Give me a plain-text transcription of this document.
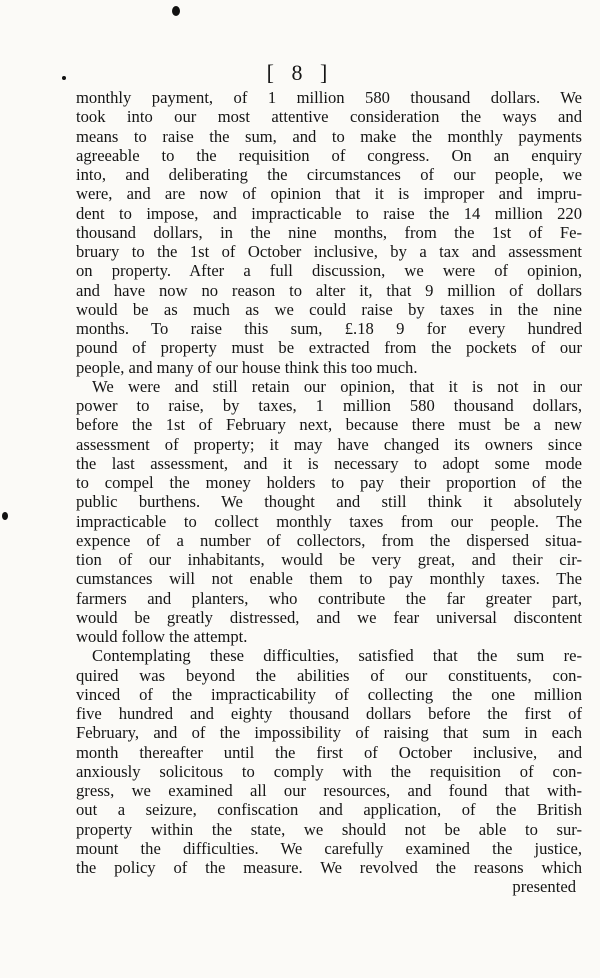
[ 8 ]
monthly payment, of 1 million 580 thousand dollars. We
took into our most attentive consideration the ways and
means to raise the sum, and to make the monthly payments
agreeable to the requisition of congress. On an enquiry
into, and deliberating the circumstances of our people, we
were, and are now of opinion that it is improper and impru-
dent to impose, and impracticable to raise the 14 million 220
thousand dollars, in the nine months, from the 1st of Fe-
bruary to the 1st of October inclusive, by a tax and assessment
on property. After a full discussion, we were of opinion,
and have now no reason to alter it, that 9 million of dollars
would be as much as we could raise by taxes in the nine
months. To raise this sum, £.18 9 for every hundred
pound of property must be extracted from the pockets of our
people, and many of our house think this too much.
We were and still retain our opinion, that it is not in our
power to raise, by taxes, 1 million 580 thousand dollars,
before the 1st of February next, because there must be a new
assessment of property; it may have changed its owners since
the last assessment, and it is necessary to adopt some mode
to compel the money holders to pay their proportion of the
public burthens. We thought and still think it absolutely
impracticable to collect monthly taxes from our people. The
expence of a number of collectors, from the dispersed situa-
tion of our inhabitants, would be very great, and their cir-
cumstances will not enable them to pay monthly taxes. The
farmers and planters, who contribute the far greater part,
would be greatly distressed, and we fear universal discontent
would follow the attempt.
Contemplating these difficulties, satisfied that the sum re-
quired was beyond the abilities of our constituents, con-
vinced of the impracticability of collecting the one million
five hundred and eighty thousand dollars before the first of
February, and of the impossibility of raising that sum in each
month thereafter until the first of October inclusive, and
anxiously solicitous to comply with the requisition of con-
gress, we examined all our resources, and found that with-
out a seizure, confiscation and application, of the British
property within the state, we should not be able to sur-
mount the difficulties. We carefully examined the justice,
the policy of the measure. We revolved the reasons which
presented
